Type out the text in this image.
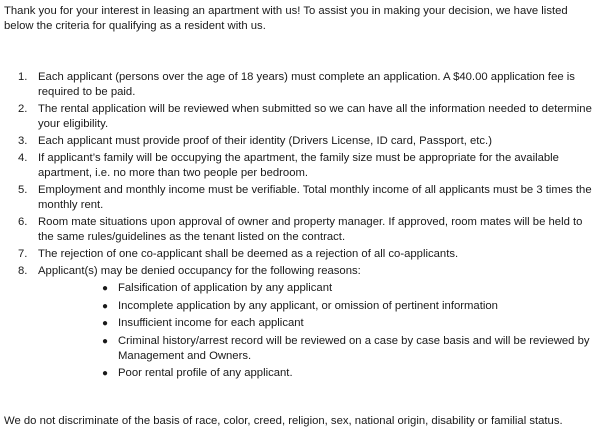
Thank you for your interest in leasing an apartment with us! To assist you in making your decision, we have listed below the criteria for qualifying as a resident with us.

1. Each applicant (persons over the age of 18 years) must complete an application. A $40.00 application fee is required to be paid.
2. The rental application will be reviewed when submitted so we can have all the information needed to determine your eligibility.
3. Each applicant must provide proof of their identity (Drivers License, ID card, Passport, etc.)
4. If applicant’s family will be occupying the apartment, the family size must be appropriate for the available apartment, i.e. no more than two people per bedroom.
5. Employment and monthly income must be verifiable. Total monthly income of all applicants must be 3 times the monthly rent.
6. Room mate situations upon approval of owner and property manager. If approved, room mates will be held to the same rules/guidelines as the tenant listed on the contract.
7. The rejection of one co-applicant shall be deemed as a rejection of all co-applicants.
8. Applicant(s) may be denied occupancy for the following reasons:
● Falsification of application by any applicant
● Incomplete application by any applicant, or omission of pertinent information
● Insufficient income for each applicant
● Criminal history/arrest record will be reviewed on a case by case basis and will be reviewed by Management and Owners.
● Poor rental profile of any applicant.

We do not discriminate of the basis of race, color, creed, religion, sex, national origin, disability or familial status.
